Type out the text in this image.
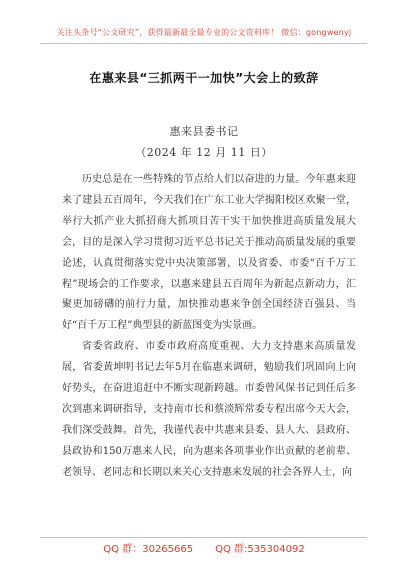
关注头条号“公文研究”，获得最新最全最专业的公文资料库！ 微信：gongwenyj
在惠来县“三抓两干一加快”大会上的致辞
惠来县委书记
（2024 年 12 月 11 日）

历史总是在一些特殊的节点给人们以奋进的力量。今年惠来迎来了建县五百周年，今天我们在广东工业大学揭阳校区欢聚一堂，举行大抓产业大抓招商大抓项目苦干实干加快推进高质量发展大会，目的是深入学习贯彻习近平总书记关于推动高质量发展的重要论述，认真贯彻落实党中央决策部署，以及省委、市委“百千万工程”现场会的工作要求，以惠来建县五百周年为新起点新动力，汇聚更加磅礴的前行力量，加快推动惠来争创全国经济百强县、当好“百千万工程”典型县的新蓝图变为实景画。

省委省政府、市委市政府高度重视、大力支持惠来高质量发展，省委黄坤明书记去年5月在临惠来调研，勉励我们巩固向上向好势头，在奋进追赶中不断实现新跨越。市委曾风保书记到任后多次到惠来调研指导，支持南市长和蔡淡辉常委专程出席今天大会，我们深受鼓舞。首先，我谨代表中共惠来县委、县人大、县政府、县政协和150万惠来人民，向为惠来各项事业作出贡献的老前辈、老领导、老同志和长期以来关心支持惠来发展的社会各界人士，向

QQ 群：30265665 QQ 群:535304092
